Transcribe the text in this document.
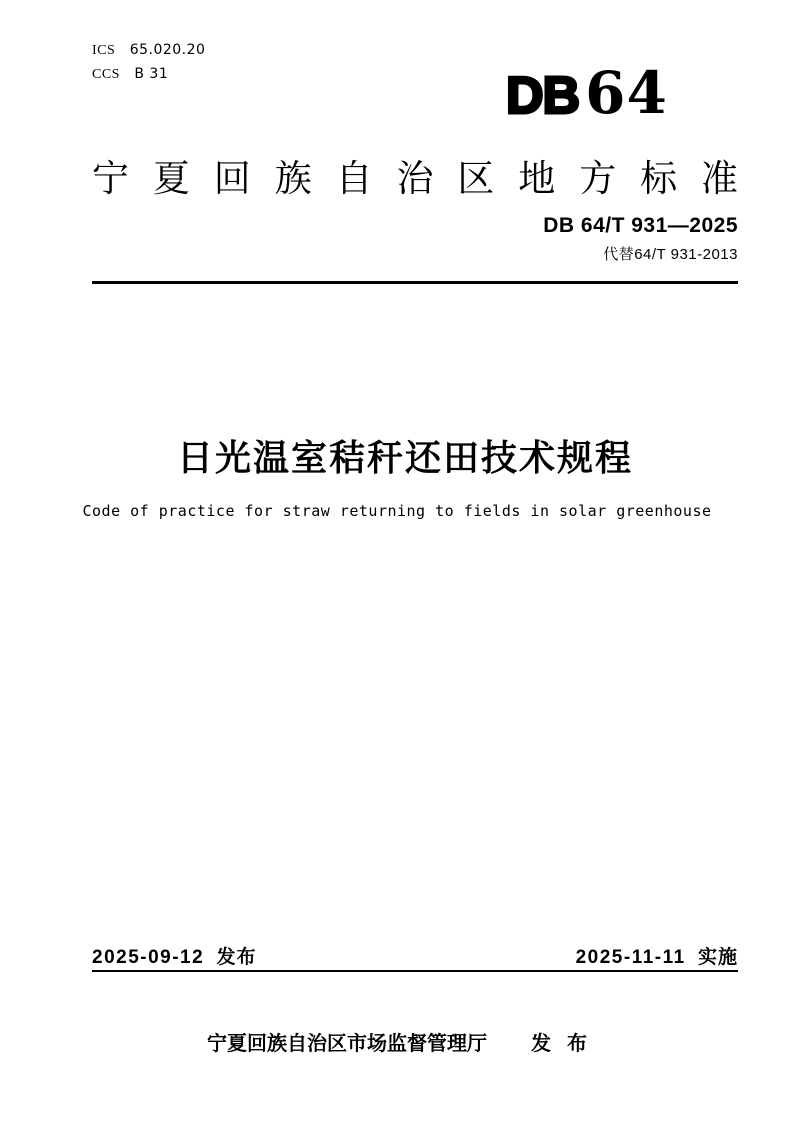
ICS 65.020.20
CCS B 31	DB 64
宁夏回族自治区地方标准
DB 64/T 931—2025
代替64/T 931-2013
日光温室秸秆还田技术规程
Code of practice for straw returning to fields in solar greenhouse
2025-09-12 发布	2025-11-11 实施
宁夏回族自治区市场监督管理厅 发布
